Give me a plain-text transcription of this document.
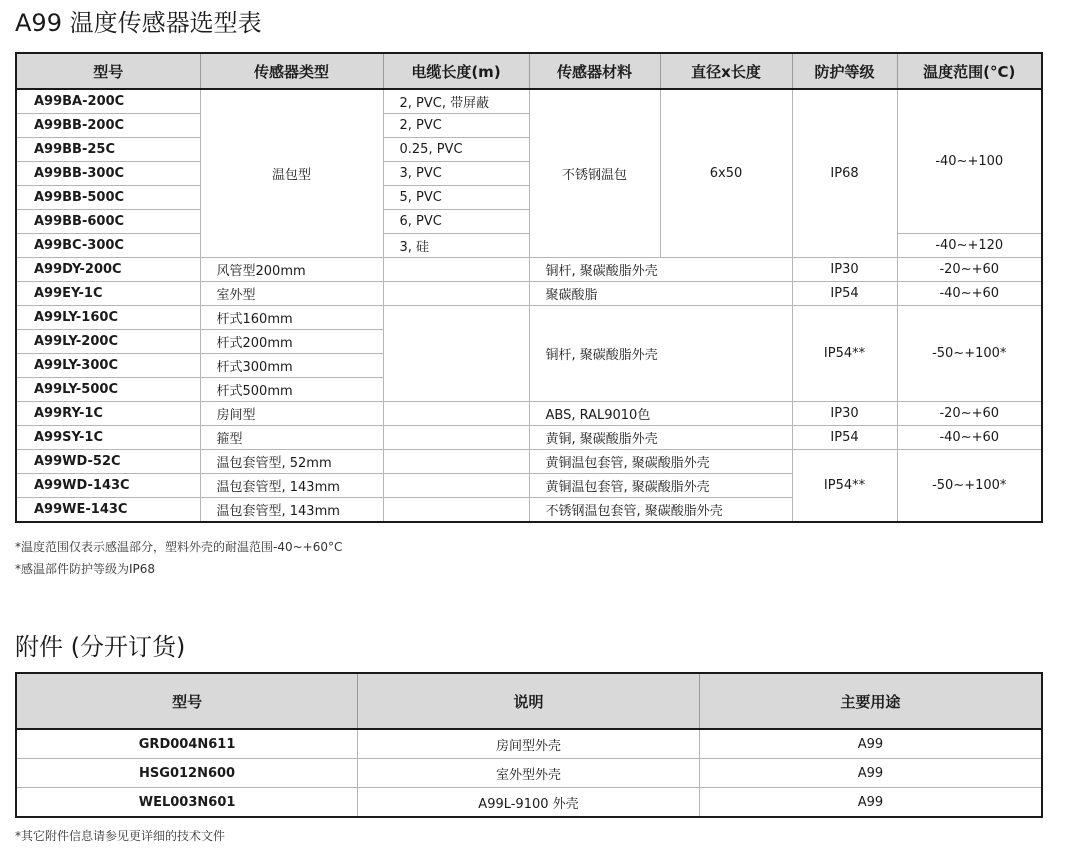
A99 温度传感器选型表
型号	传感器类型	电缆长度(m)	传感器材料	直径x长度	防护等级	温度范围(°C)
A99BA-200C	温包型	2, PVC, 带屏蔽	不锈钢温包	6x50	IP68	-40~+100
A99BB-200C		2, PVC				
A99BB-25C		0.25, PVC				
A99BB-300C		3, PVC				
A99BB-500C		5, PVC				
A99BB-600C		6, PVC				
A99BC-300C		3, 硅				-40~+120
A99DY-200C	风管型200mm		铜杆, 聚碳酸脂外壳		IP30	-20~+60
A99EY-1C	室外型		聚碳酸脂		IP54	-40~+60
A99LY-160C	杆式160mm		铜杆, 聚碳酸脂外壳		IP54**	-50~+100*
A99LY-200C	杆式200mm					
A99LY-300C	杆式300mm					
A99LY-500C	杆式500mm					
A99RY-1C	房间型		ABS, RAL9010色		IP30	-20~+60
A99SY-1C	箍型		黄铜, 聚碳酸脂外壳		IP54	-40~+60
A99WD-52C	温包套管型, 52mm		黄铜温包套管, 聚碳酸脂外壳		IP54**	-50~+100*
A99WD-143C	温包套管型, 143mm		黄铜温包套管, 聚碳酸脂外壳			
A99WE-143C	温包套管型, 143mm		不锈钢温包套管, 聚碳酸脂外壳			
*温度范围仅表示感温部分，塑料外壳的耐温范围-40~+60°C
*感温部件防护等级为IP68
附件 (分开订货)
型号	说明	主要用途
GRD004N611	房间型外壳	A99
HSG012N600	室外型外壳	A99
WEL003N601	A99L-9100 外壳	A99
*其它附件信息请参见更详细的技术文件
